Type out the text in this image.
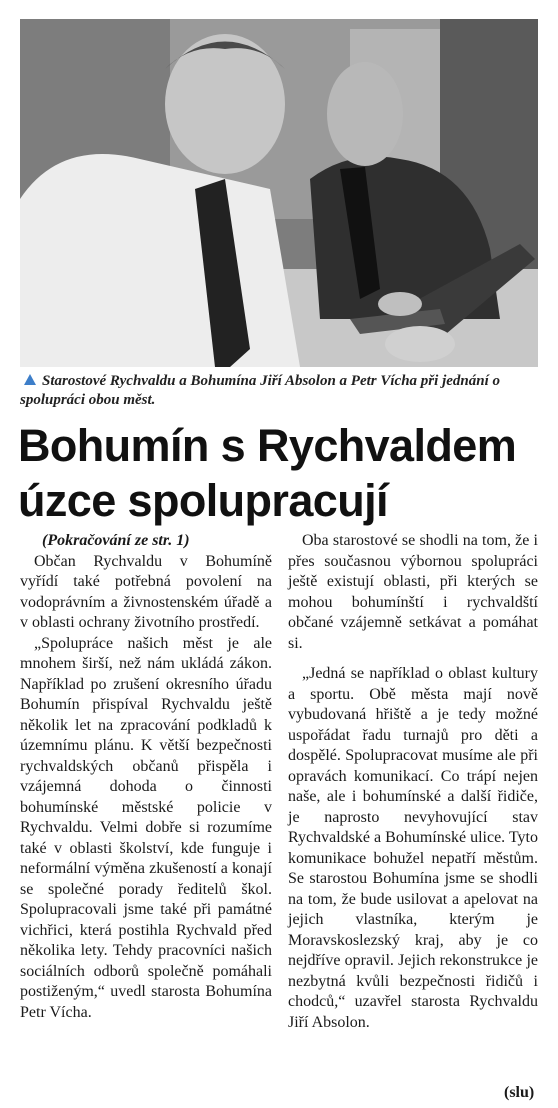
Starostové Rychvaldu a Bohumína Jiří Absolon a Petr Vícha při jednání o spolupráci obou měst.
Bohumín s Rychvaldem
úzce spolupracují

(Pokračování ze str. 1)

Občan Rychvaldu v Bohumíně vyřídí také potřebná povolení na vodoprávním a živnostenském úřadě a v oblasti ochrany životního prostředí.

„Spolupráce našich měst je ale mnohem širší, než nám ukládá zákon. Například po zrušení okresního úřadu Bohumín přispíval Rychvaldu ještě několik let na zpracování podkladů k územnímu plánu. K větší bezpečnosti rychvaldských občanů přispěla i vzájemná dohoda o činnosti bohumínské městské policie v Rychvaldu. Velmi dobře si rozumíme také v oblasti školství, kde funguje i neformální výměna zkušeností a konají se společné porady ředitelů škol. Spolupracovali jsme také při památné vichřici, která postihla Rychvald před několika lety. Tehdy pracovníci našich sociálních odborů společně pomáhali postiženým,“ uvedl starosta Bohumína Petr Vícha.

Oba starostové se shodli na tom, že i přes současnou výbornou spolupráci ještě existují oblasti, při kterých se mohou bohumínští i rychvaldští občané vzájemně setkávat a pomáhat si.

„Jedná se například o oblast kultury a sportu. Obě města mají nově vybudovaná hřiště a je tedy možné uspořádat řadu turnajů pro děti a dospělé. Spolupracovat musíme ale při opravách komunikací. Co trápí nejen naše, ale i bohumínské a další řidiče, je naprosto nevyhovující stav Rychvaldské a Bohumínské ulice. Tyto komunikace bohužel nepatří městům. Se starostou Bohumína jsme se shodli na tom, že bude usilovat a apelovat na jejich vlastníka, kterým je Moravskoslezský kraj, aby je co nejdříve opravil. Jejich rekonstrukce je nezbytná kvůli bezpečnosti řidičů i chodců,“ uzavřel starosta Rychvaldu Jiří Absolon.

(slu)
